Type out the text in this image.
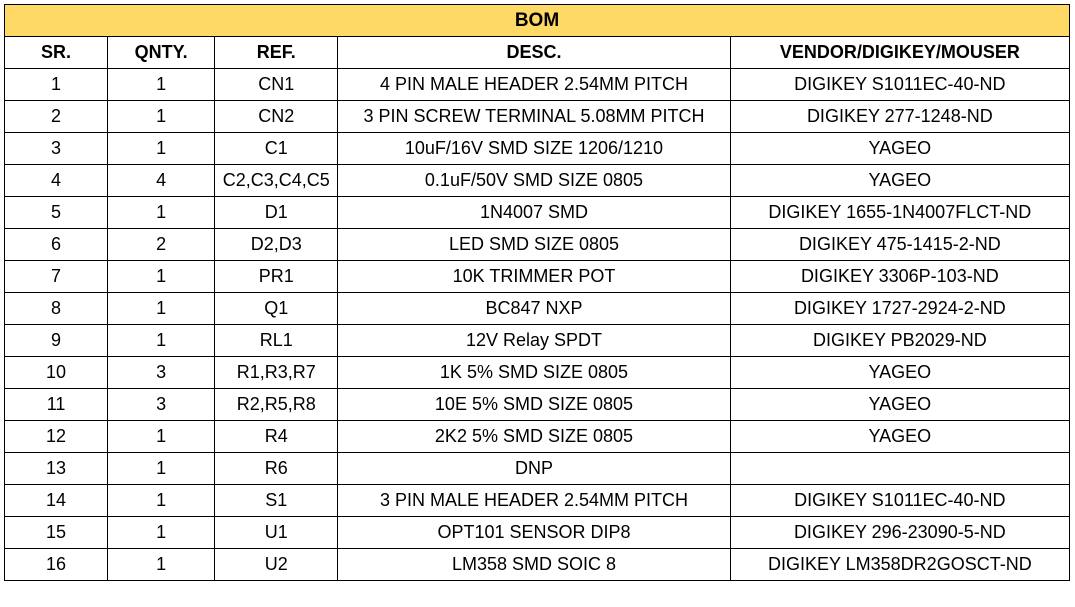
BOM				
SR.	QNTY.	REF.	DESC.	VENDOR/DIGIKEY/MOUSER
1	1	CN1	4 PIN MALE HEADER 2.54MM PITCH	DIGIKEY S1011EC-40-ND
2	1	CN2	3 PIN SCREW TERMINAL 5.08MM PITCH	DIGIKEY 277-1248-ND
3	1	C1	10uF/16V SMD SIZE 1206/1210	YAGEO
4	4	C2,C3,C4,C5	0.1uF/50V SMD SIZE 0805	YAGEO
5	1	D1	1N4007 SMD	DIGIKEY 1655-1N4007FLCT-ND
6	2	D2,D3	LED SMD SIZE 0805	DIGIKEY 475-1415-2-ND
7	1	PR1	10K TRIMMER POT	DIGIKEY 3306P-103-ND
8	1	Q1	BC847 NXP	DIGIKEY 1727-2924-2-ND
9	1	RL1	12V Relay SPDT	DIGIKEY PB2029-ND
10	3	R1,R3,R7	1K 5% SMD SIZE 0805	YAGEO
11	3	R2,R5,R8	10E 5% SMD SIZE 0805	YAGEO
12	1	R4	2K2 5% SMD SIZE 0805	YAGEO
13	1	R6	DNP	
14	1	S1	3 PIN MALE HEADER 2.54MM PITCH	DIGIKEY S1011EC-40-ND
15	1	U1	OPT101 SENSOR DIP8	DIGIKEY 296-23090-5-ND
16	1	U2	LM358 SMD SOIC 8	DIGIKEY LM358DR2GOSCT-ND
